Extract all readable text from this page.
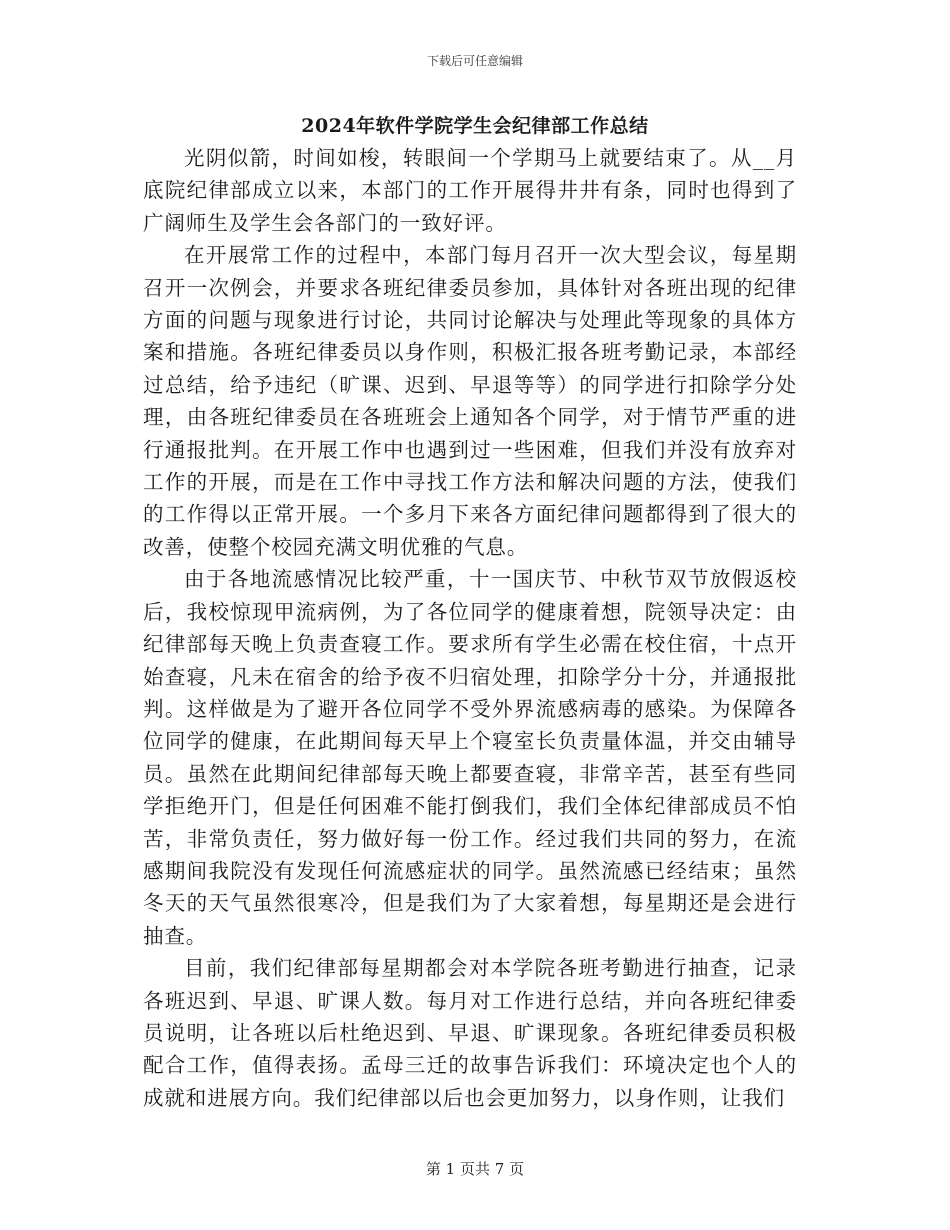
下载后可任意编辑
2024年软件学院学生会纪律部工作总结

光阴似箭，时间如梭，转眼间一个学期马上就要结束了。从__月底院纪律部成立以来，本部门的工作开展得井井有条，同时也得到了广阔师生及学生会各部门的一致好评。

在开展常工作的过程中，本部门每月召开一次大型会议，每星期召开一次例会，并要求各班纪律委员参加，具体针对各班出现的纪律方面的问题与现象进行讨论，共同讨论解决与处理此等现象的具体方案和措施。各班纪律委员以身作则，积极汇报各班考勤记录，本部经过总结，给予违纪（旷课、迟到、早退等等）的同学进行扣除学分处理，由各班纪律委员在各班班会上通知各个同学，对于情节严重的进行通报批判。在开展工作中也遇到过一些困难，但我们并没有放弃对工作的开展，而是在工作中寻找工作方法和解决问题的方法，使我们的工作得以正常开展。一个多月下来各方面纪律问题都得到了很大的改善，使整个校园充满文明优雅的气息。

由于各地流感情况比较严重，十一国庆节、中秋节双节放假返校后，我校惊现甲流病例，为了各位同学的健康着想，院领导决定：由纪律部每天晚上负责查寝工作。要求所有学生必需在校住宿，十点开始查寝，凡未在宿舍的给予夜不归宿处理，扣除学分十分，并通报批判。这样做是为了避开各位同学不受外界流感病毒的感染。为保障各位同学的健康，在此期间每天早上个寝室长负责量体温，并交由辅导员。虽然在此期间纪律部每天晚上都要查寝，非常辛苦，甚至有些同学拒绝开门，但是任何困难不能打倒我们，我们全体纪律部成员不怕苦，非常负责任，努力做好每一份工作。经过我们共同的努力，在流感期间我院没有发现任何流感症状的同学。虽然流感已经结束；虽然冬天的天气虽然很寒冷，但是我们为了大家着想，每星期还是会进行抽查。

目前，我们纪律部每星期都会对本学院各班考勤进行抽查，记录各班迟到、早退、旷课人数。每月对工作进行总结，并向各班纪律委员说明，让各班以后杜绝迟到、早退、旷课现象。各班纪律委员积极配合工作，值得表扬。孟母三迁的故事告诉我们：环境决定也个人的成就和进展方向。我们纪律部以后也会更加努力，以身作则，让我们

第 1 页共 7 页
